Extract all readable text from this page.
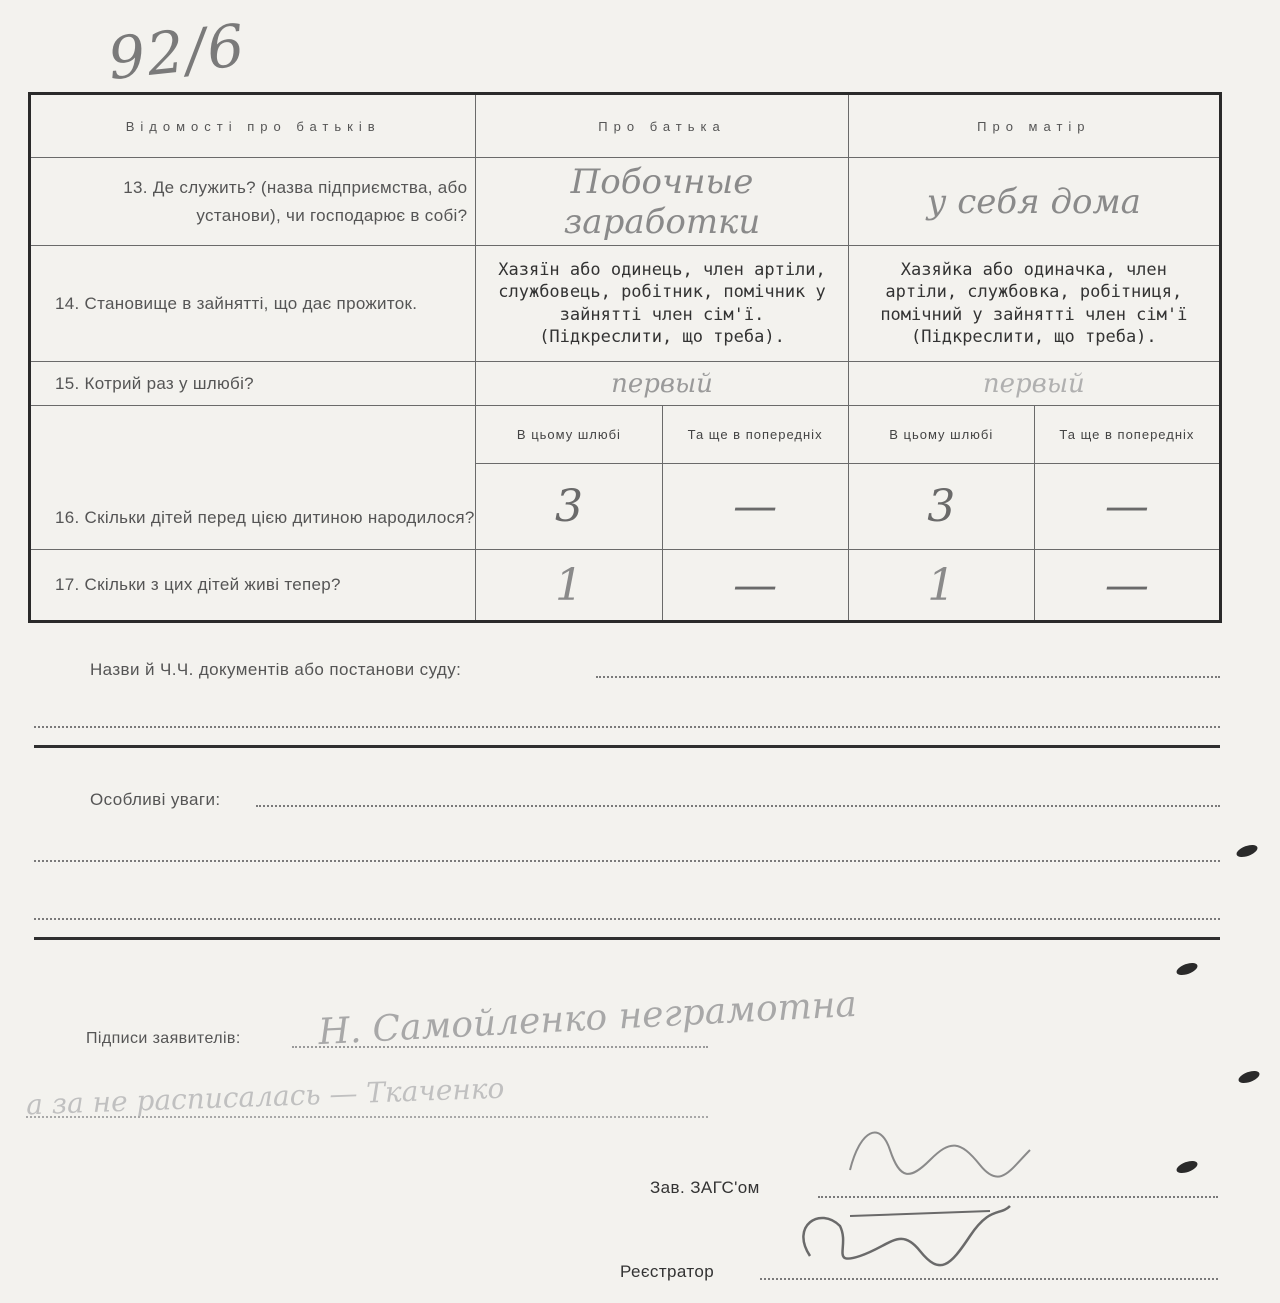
92/6
Відомості про батьків	Про батька		Про матір	
13. Де служить? (назва підприємства, або установи), чи господарює в собі?	Побочные заработки		у себя дома	
14. Становище в зайнятті, що дає прожиток.	Хазяїн або одинець, член артіли, службовець, робітник, помічник у зайнятті член сім'ї. (Підкреслити, що треба).		Хазяйка або одиначка, член артіли, службовка, робітниця, помічний у зайнятті член сім'ї (Підкреслити, що треба).	
15. Котрий раз у шлюбі?	первый		первый	
16. Скільки дітей перед цією дитиною народилося?	В цьому шлюбі	Та ще в попередніх	В цьому шлюбі	Та ще в попередніх
	3	—	3	—
17. Скільки з цих дітей живі тепер?	1	—	1	—
Назви й Ч.Ч. документів або постанови суду:
Особливі уваги:
Підписи заявителів: Н. Самойленко неграмотна
а за не расписалась — Ткаченко
Зав. ЗАГС'ом
Реєстратор
